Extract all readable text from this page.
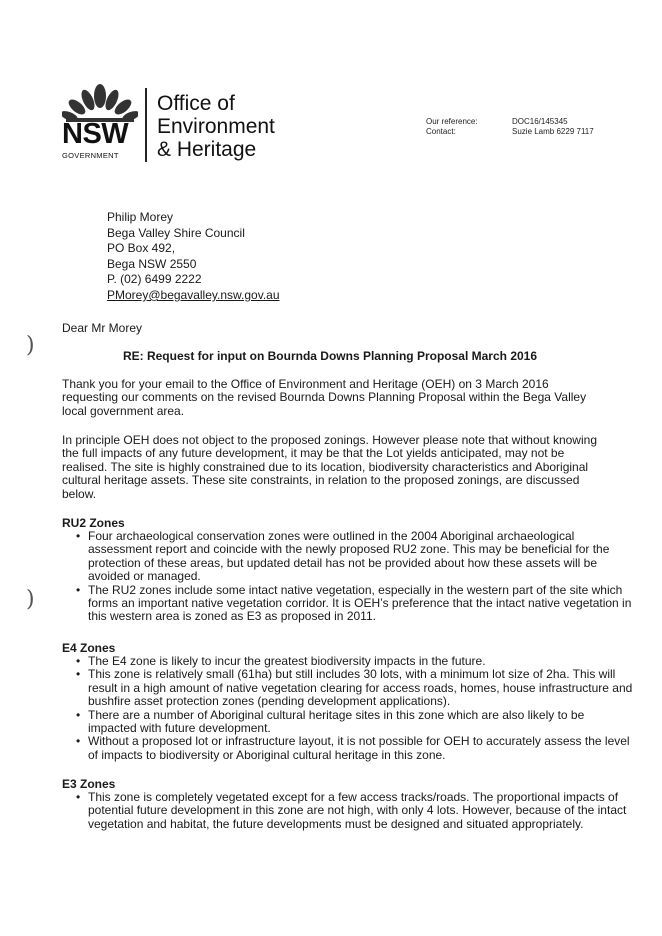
NSW
GOVERNMENT
Office of
Environment
& Heritage
Our reference:
Contact:
DOC16/145345
Suzie Lamb 6229 7117
Philip Morey
Bega Valley Shire Council
PO Box 492,
Bega NSW 2550
P. (02) 6499 2222
PMorey@begavalley.nsw.gov.au
)
)
Dear Mr Morey
RE: Request for input on Bournda Downs Planning Proposal March 2016
Thank you for your email to the Office of Environment and Heritage (OEH) on 3 March 2016 requesting our comments on the revised Bournda Downs Planning Proposal within the Bega Valley local government area.
In principle OEH does not object to the proposed zonings. However please note that without knowing the full impacts of any future development, it may be that the Lot yields anticipated, may not be realised. The site is highly constrained due to its location, biodiversity characteristics and Aboriginal cultural heritage assets. These site constraints, in relation to the proposed zonings, are discussed below.
RU2 Zones
• Four archaeological conservation zones were outlined in the 2004 Aboriginal archaeological assessment report and coincide with the newly proposed RU2 zone. This may be beneficial for the protection of these areas, but updated detail has not be provided about how these assets will be avoided or managed.
• The RU2 zones include some intact native vegetation, especially in the western part of the site which forms an important native vegetation corridor. It is OEH’s preference that the intact native vegetation in this western area is zoned as E3 as proposed in 2011.
E4 Zones
• The E4 zone is likely to incur the greatest biodiversity impacts in the future.
• This zone is relatively small (61ha) but still includes 30 lots, with a minimum lot size of 2ha. This will result in a high amount of native vegetation clearing for access roads, homes, house infrastructure and bushfire asset protection zones (pending development applications).
• There are a number of Aboriginal cultural heritage sites in this zone which are also likely to be impacted with future development.
• Without a proposed lot or infrastructure layout, it is not possible for OEH to accurately assess the level of impacts to biodiversity or Aboriginal cultural heritage in this zone.
E3 Zones
• This zone is completely vegetated except for a few access tracks/roads. The proportional impacts of potential future development in this zone are not high, with only 4 lots. However, because of the intact vegetation and habitat, the future developments must be designed and situated appropriately.
